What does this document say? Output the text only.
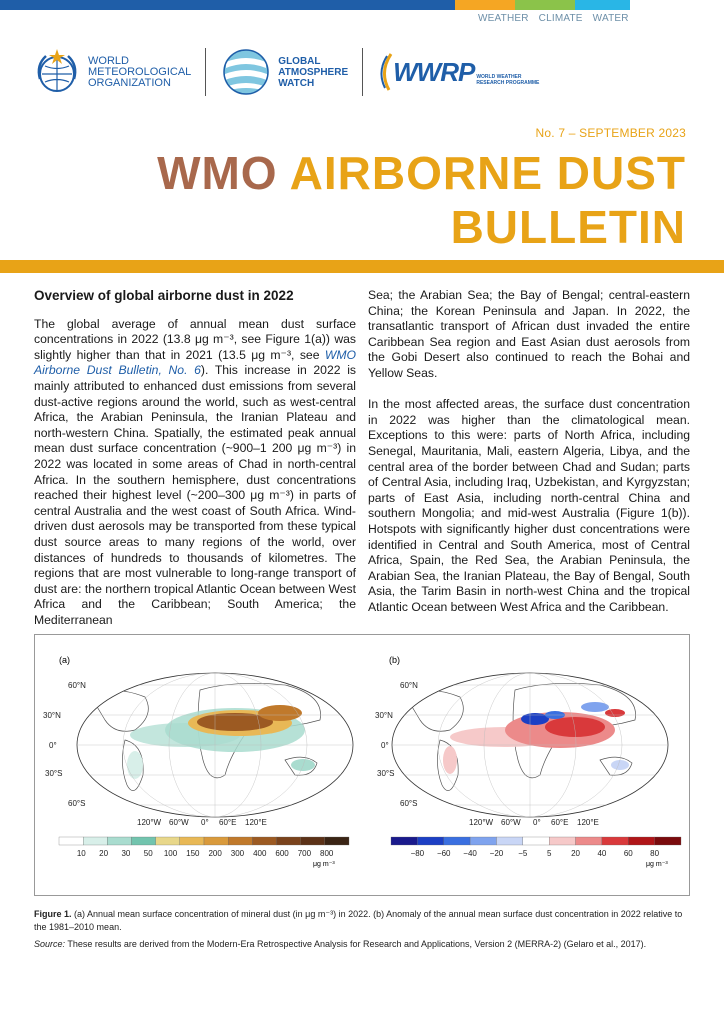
WEATHER CLIMATE WATER
WORLD
METEOROLOGICAL
ORGANIZATION
GLOBAL
ATMOSPHERE
WATCH	WWRP WORLD WEATHER
RESEARCH PROGRAMME
No. 7 – SEPTEMBER 2023
WMO AIRBORNE DUST
BULLETIN
Overview of global airborne dust in 2022

The global average of annual mean dust surface concentrations in 2022 (13.8 μg m⁻³, see Figure 1(a)) was slightly higher than that in 2021 (13.5 μg m⁻³, see WMO Airborne Dust Bulletin, No. 6). This increase in 2022 is mainly attributed to enhanced dust emissions from several dust-active regions around the world, such as west-central Africa, the Arabian Peninsula, the Iranian Plateau and north-western China. Spatially, the estimated peak annual mean dust surface concentration (~900–1 200 μg m⁻³) in 2022 was located in some areas of Chad in north-central Africa. In the southern hemisphere, dust concentrations reached their highest level (~200–300 μg m⁻³) in parts of central Australia and the west coast of South Africa. Wind-driven dust aerosols may be transported from these typical dust source areas to many regions of the world, over distances of hundreds to thousands of kilometres. The regions that are most vulnerable to long-range transport of dust are: the northern tropical Atlantic Ocean between West Africa and the Caribbean; South America; the Mediterranean

Sea; the Arabian Sea; the Bay of Bengal; central-eastern China; the Korean Peninsula and Japan. In 2022, the transatlantic transport of African dust invaded the entire Caribbean Sea region and East Asian dust aerosols from the Gobi Desert also continued to reach the Bohai and Yellow Seas.

In the most affected areas, the surface dust concentration in 2022 was higher than the climatological mean. Exceptions to this were: parts of North Africa, including Senegal, Mauritania, Mali, eastern Algeria, Libya, and the central area of the border between Chad and Sudan; parts of Central Asia, including Iraq, Uzbekistan, and Kyrgyzstan; parts of East Asia, including north-central China and southern Mongolia; and mid-west Australia (Figure 1(b)). Hotspots with significantly higher dust concentrations were identified in Central and South America, most of Central Africa, Spain, the Red Sea, the Arabian Peninsula, the Arabian Sea, the Iranian Plateau, the Bay of Bengal, South Asia, the Tarim Basin in north-west China and the tropical Atlantic Ocean between West Africa and the Caribbean.

(a)
60°N
30°N
0°
30°S
60°S
120°W 60°W 0° 60°E 120°E
10 20 30 50 100 150 200 300 400 600 700 800
μg m⁻³
(b)
60°N
30°N
0°
30°S
60°S
120°W 60°W 0° 60°E 120°E
−80 −60 −40 −20 −5 5 20 40 60 80
μg m⁻³
Figure 1. (a) Annual mean surface concentration of mineral dust (in μg m⁻³) in 2022. (b) Anomaly of the annual mean surface dust concentration in 2022 relative to the 1981–2010 mean.
Source: These results are derived from the Modern-Era Retrospective Analysis for Research and Applications, Version 2 (MERRA-2) (Gelaro et al., 2017).
